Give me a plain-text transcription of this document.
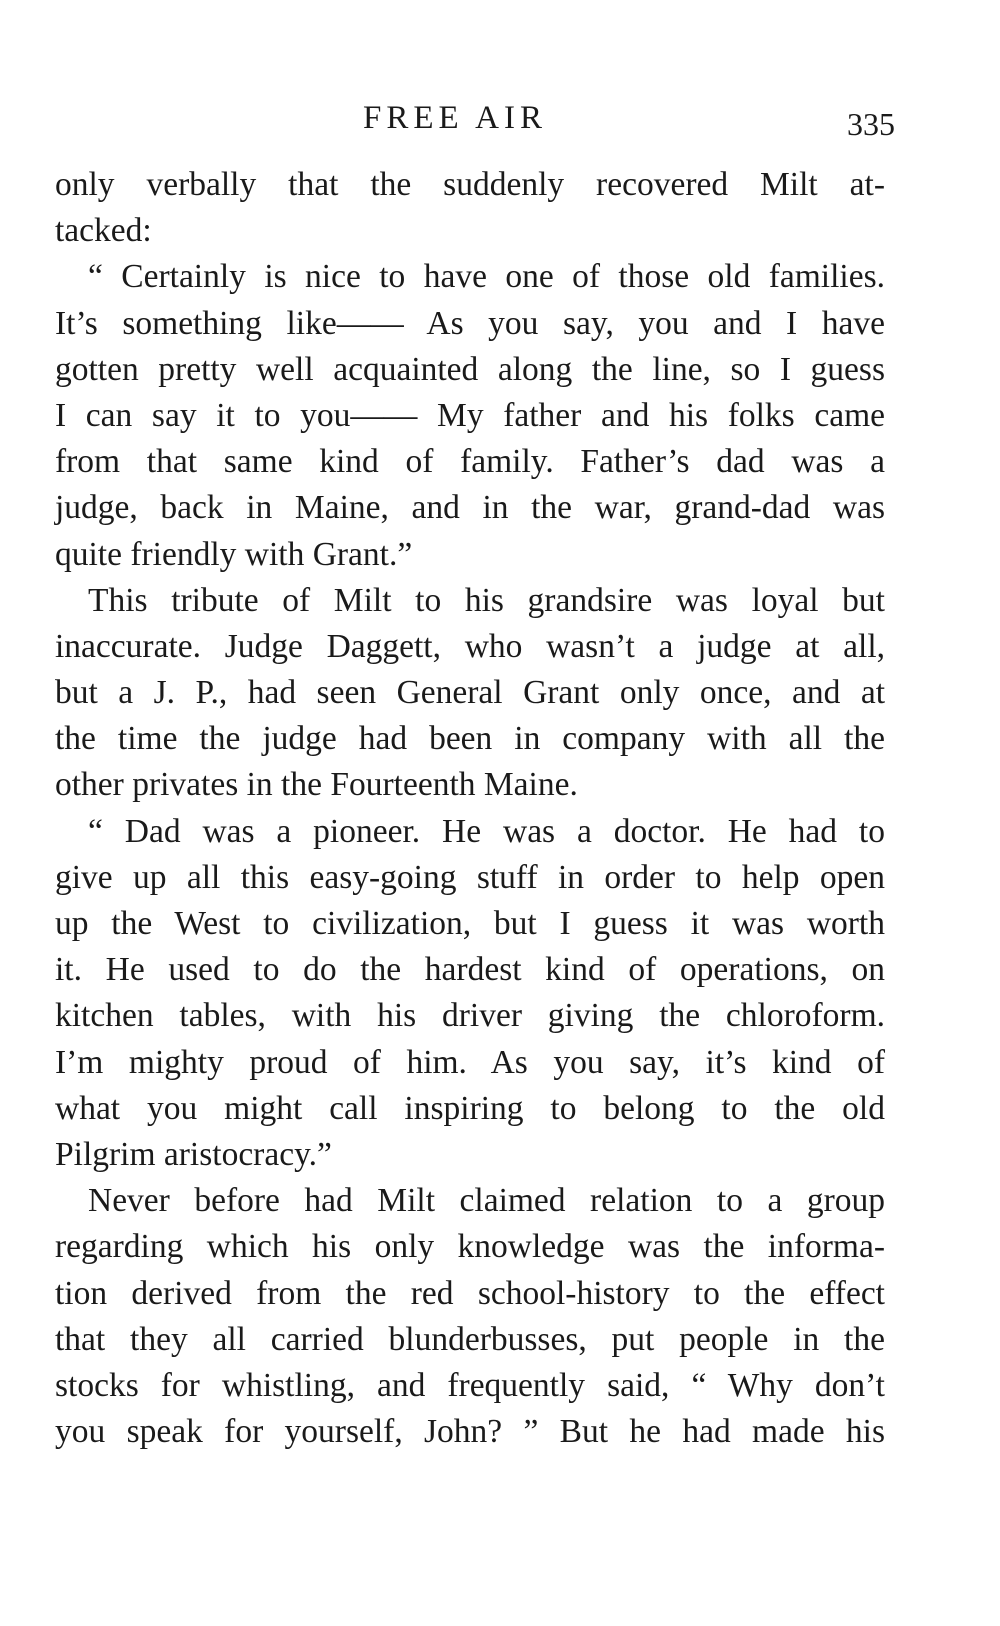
FREE AIR	335
only verbally that the suddenly recovered Milt at-
tacked:
“ Certainly is nice to have one of those old families.
It’s something like—— As you say, you and I have
gotten pretty well acquainted along the line, so I guess
I can say it to you—— My father and his folks came
from that same kind of family. Father’s dad was a
judge, back in Maine, and in the war, grand-dad was
quite friendly with Grant.”
This tribute of Milt to his grandsire was loyal but
inaccurate. Judge Daggett, who wasn’t a judge at all,
but a J. P., had seen General Grant only once, and at
the time the judge had been in company with all the
other privates in the Fourteenth Maine.
“ Dad was a pioneer. He was a doctor. He had to
give up all this easy-going stuff in order to help open
up the West to civilization, but I guess it was worth
it. He used to do the hardest kind of operations, on
kitchen tables, with his driver giving the chloroform.
I’m mighty proud of him. As you say, it’s kind of
what you might call inspiring to belong to the old
Pilgrim aristocracy.”
Never before had Milt claimed relation to a group
regarding which his only knowledge was the informa-
tion derived from the red school-history to the effect
that they all carried blunderbusses, put people in the
stocks for whistling, and frequently said, “ Why don’t
you speak for yourself, John? ” But he had made his
